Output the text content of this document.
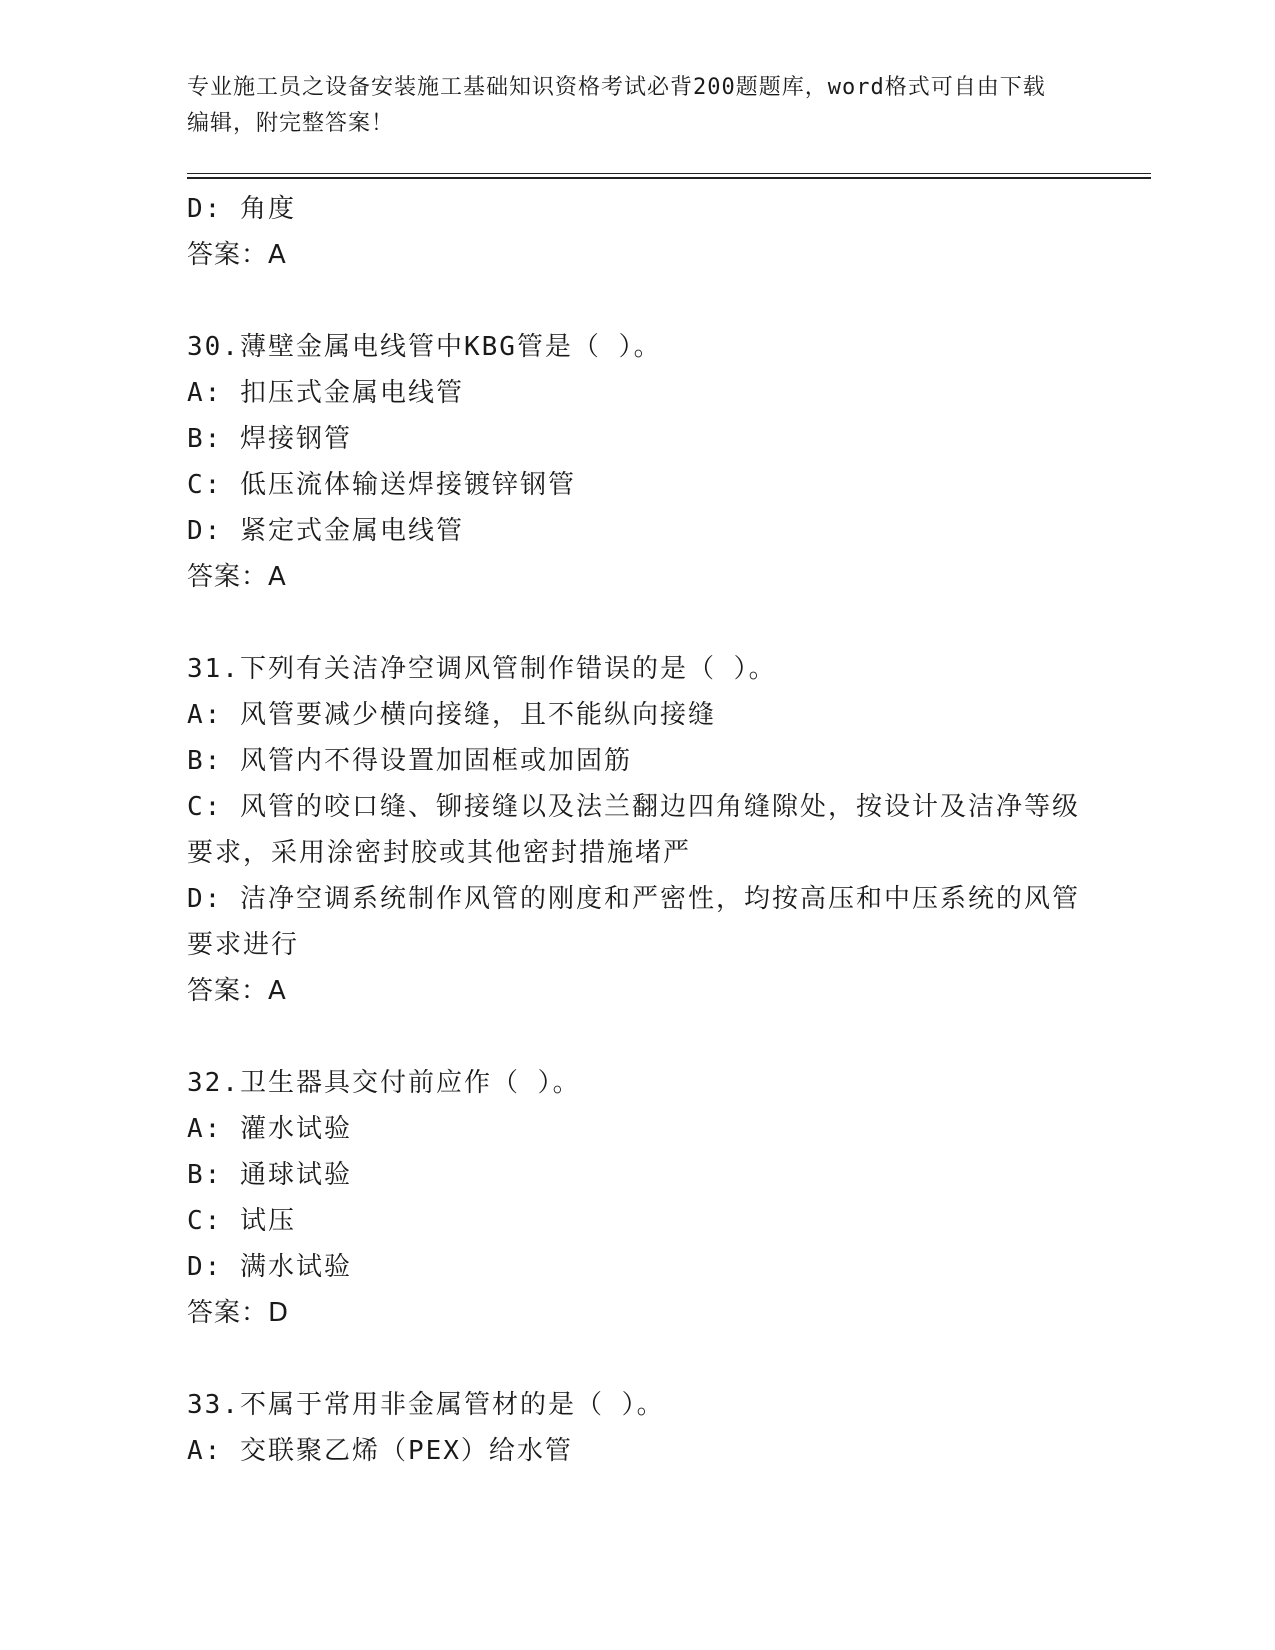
专业施工员之设备安装施工基础知识资格考试必背200题题库，word格式可自由下载编辑，附完整答案！
D: 角度
答案：A
30.薄壁金属电线管中KBG管是（ ）。
A: 扣压式金属电线管
B: 焊接钢管
C: 低压流体输送焊接镀锌钢管
D: 紧定式金属电线管
答案：A
31.下列有关洁净空调风管制作错误的是（ ）。
A: 风管要减少横向接缝，且不能纵向接缝
B: 风管内不得设置加固框或加固筋
C: 风管的咬口缝、铆接缝以及法兰翻边四角缝隙处，按设计及洁净等级要求，采用涂密封胶或其他密封措施堵严
D: 洁净空调系统制作风管的刚度和严密性，均按高压和中压系统的风管要求进行
答案：A
32.卫生器具交付前应作（ ）。
A: 灌水试验
B: 通球试验
C: 试压
D: 满水试验
答案：D
33.不属于常用非金属管材的是（ ）。
A: 交联聚乙烯（PEX）给水管
